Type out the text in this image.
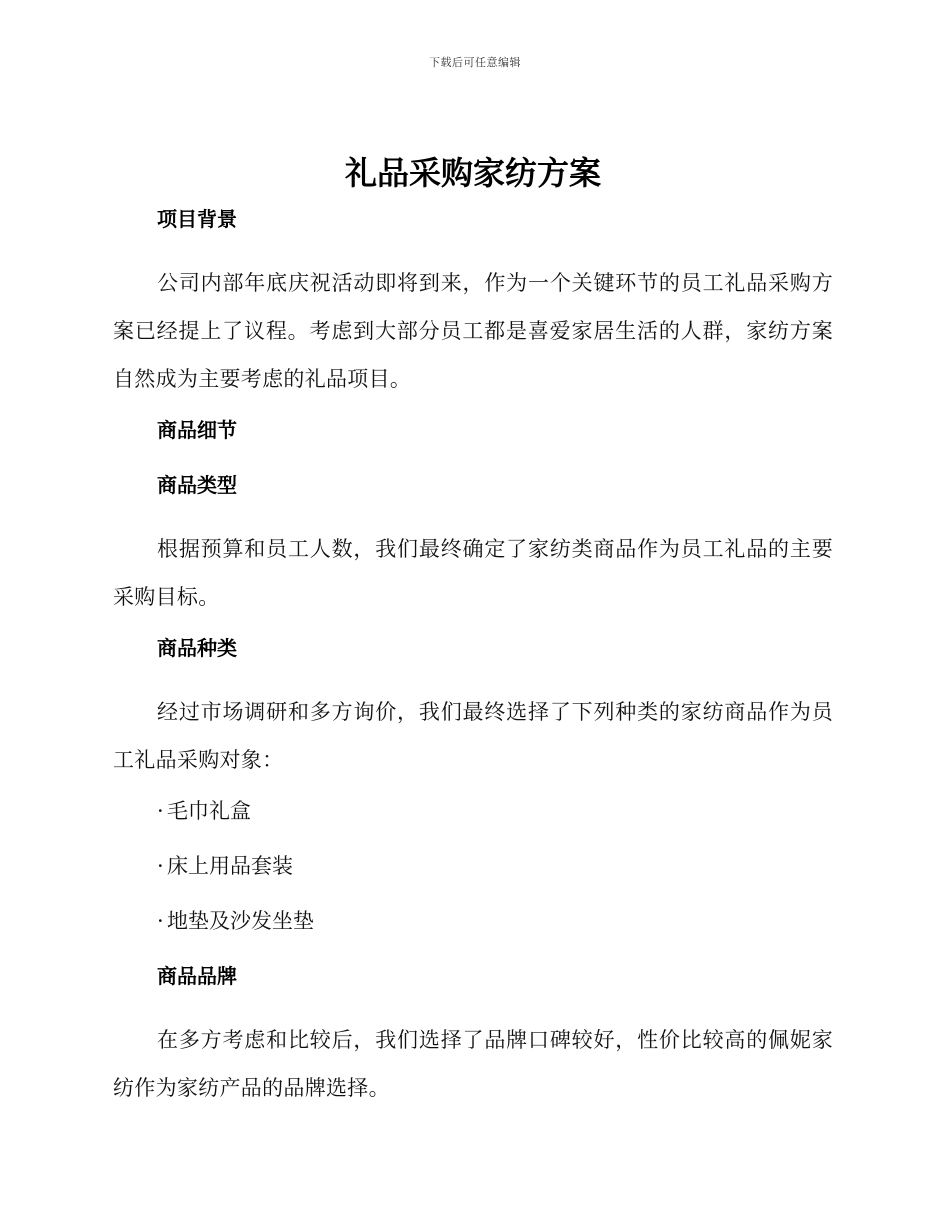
下载后可任意编辑
礼品采购家纺方案
项目背景

公司内部年底庆祝活动即将到来，作为一个关键环节的员工礼品采购方案已经提上了议程。考虑到大部分员工都是喜爱家居生活的人群，家纺方案自然成为主要考虑的礼品项目。

商品细节
商品类型

根据预算和员工人数，我们最终确定了家纺类商品作为员工礼品的主要采购目标。

商品种类

经过市场调研和多方询价，我们最终选择了下列种类的家纺商品作为员工礼品采购对象：

· 毛巾礼盒
· 床上用品套装
· 地垫及沙发坐垫
商品品牌

在多方考虑和比较后，我们选择了品牌口碑较好，性价比较高的佩妮家纺作为家纺产品的品牌选择。
